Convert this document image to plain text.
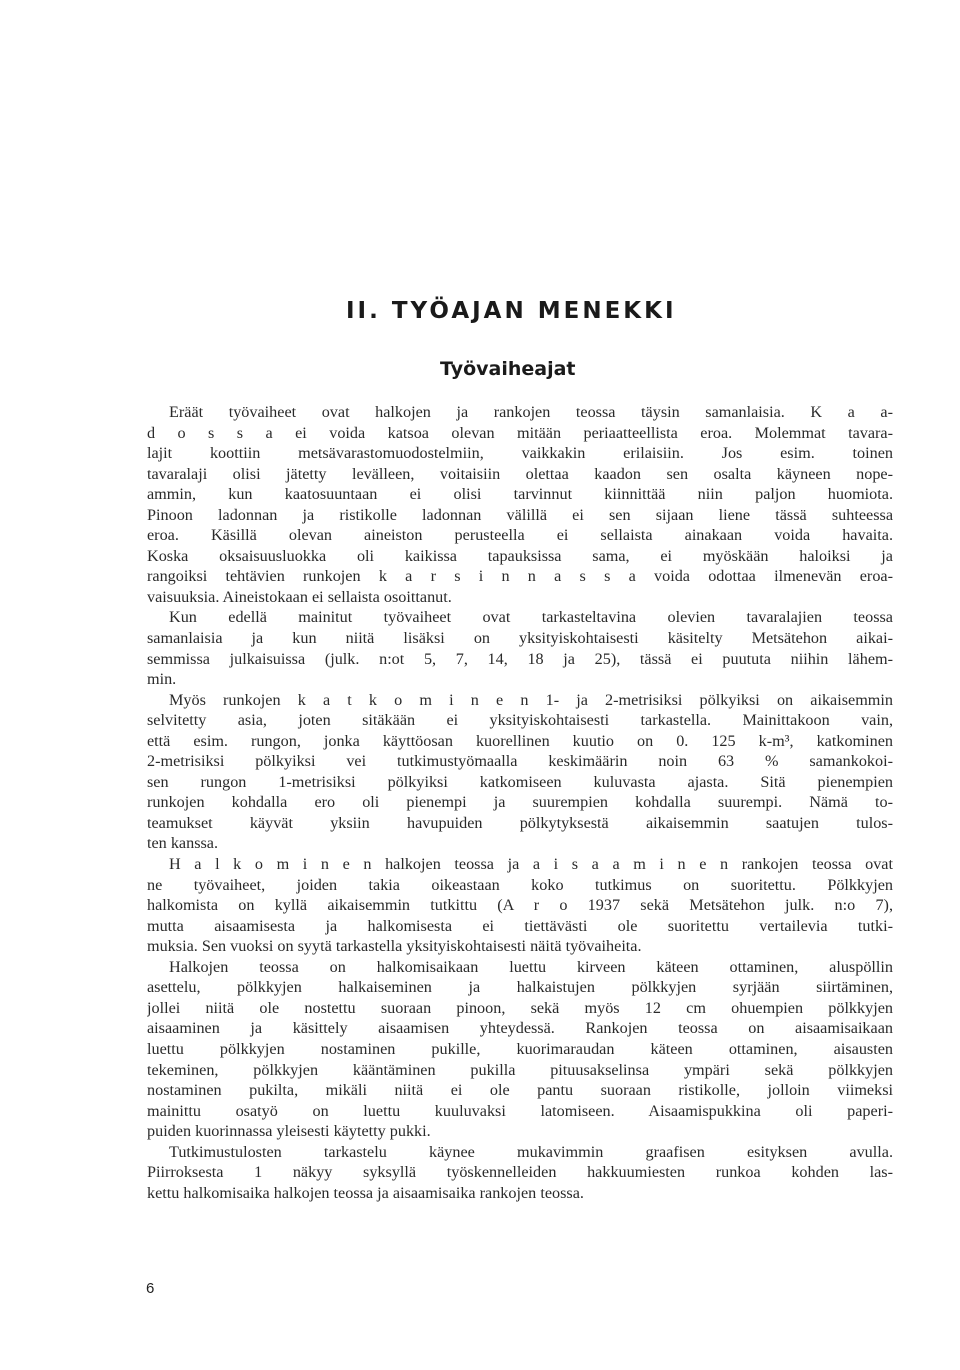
II. TYÖAJAN MENEKKI
Työvaiheajat
Eräät työvaiheet ovat halkojen ja rankojen teossa täysin samanlaisia. K a a-
d o s s a ei voida katsoa olevan mitään periaatteellista eroa. Molemmat tavara-
lajit koottiin metsävarastomuodostelmiin, vaikkakin erilaisiin. Jos esim. toinen
tavaralaji olisi jätetty levälleen, voitaisiin olettaa kaadon sen osalta käyneen nope-
ammin, kun kaatosuuntaan ei olisi tarvinnut kiinnittää niin paljon huomiota.
Pinoon ladonnan ja ristikolle ladonnan välillä ei sen sijaan liene tässä suhteessa
eroa. Käsillä olevan aineiston perusteella ei sellaista ainakaan voida havaita.
Koska oksaisuusluokka oli kaikissa tapauksissa sama, ei myöskään haloiksi ja
rangoiksi tehtävien runkojen k a r s i n n a s s a voida odottaa ilmenevän eroa-
vaisuuksia. Aineistokaan ei sellaista osoittanut.
Kun edellä mainitut työvaiheet ovat tarkasteltavina olevien tavaralajien teossa
samanlaisia ja kun niitä lisäksi on yksityiskohtaisesti käsitelty Metsätehon aikai-
semmissa julkaisuissa (julk. n:ot 5, 7, 14, 18 ja 25), tässä ei puututa niihin lähem-
min.
Myös runkojen k a t k o m i n e n 1- ja 2-metrisiksi pölkyiksi on aikaisemmin
selvitetty asia, joten sitäkään ei yksityiskohtaisesti tarkastella. Mainittakoon vain,
että esim. rungon, jonka käyttöosan kuorellinen kuutio on 0. 125 k-m³, katkominen
2-metrisiksi pölkyiksi vei tutkimustyömaalla keskimäärin noin 63 % samankokoi-
sen rungon 1-metrisiksi pölkyiksi katkomiseen kuluvasta ajasta. Sitä pienempien
runkojen kohdalla ero oli pienempi ja suurempien kohdalla suurempi. Nämä to-
teamukset käyvät yksiin havupuiden pölkytyksestä aikaisemmin saatujen tulos-
ten kanssa.
H a l k o m i n e n halkojen teossa ja a i s a a m i n e n rankojen teossa ovat
ne työvaiheet, joiden takia oikeastaan koko tutkimus on suoritettu. Pölkkyjen
halkomista on kyllä aikaisemmin tutkittu (A r o 1937 sekä Metsätehon julk. n:o 7),
mutta aisaamisesta ja halkomisesta ei tiettävästi ole suoritettu vertailevia tutki-
muksia. Sen vuoksi on syytä tarkastella yksityiskohtaisesti näitä työvaiheita.
Halkojen teossa on halkomisaikaan luettu kirveen käteen ottaminen, aluspöllin
asettelu, pölkkyjen halkaiseminen ja halkaistujen pölkkyjen syrjään siirtäminen,
jollei niitä ole nostettu suoraan pinoon, sekä myös 12 cm ohuempien pölkkyjen
aisaaminen ja käsittely aisaamisen yhteydessä. Rankojen teossa on aisaamisaikaan
luettu pölkkyjen nostaminen pukille, kuorimaraudan käteen ottaminen, aisausten
tekeminen, pölkkyjen kääntäminen pukilla pituusakselinsa ympäri sekä pölkkyjen
nostaminen pukilta, mikäli niitä ei ole pantu suoraan ristikolle, jolloin viimeksi
mainittu osatyö on luettu kuuluvaksi latomiseen. Aisaamispukkina oli paperi-
puiden kuorinnassa yleisesti käytetty pukki.
Tutkimustulosten tarkastelu käynee mukavimmin graafisen esityksen avulla.
Piirroksesta 1 näkyy syksyllä työskennelleiden hakkuumiesten runkoa kohden las-
kettu halkomisaika halkojen teossa ja aisaamisaika rankojen teossa.
6
